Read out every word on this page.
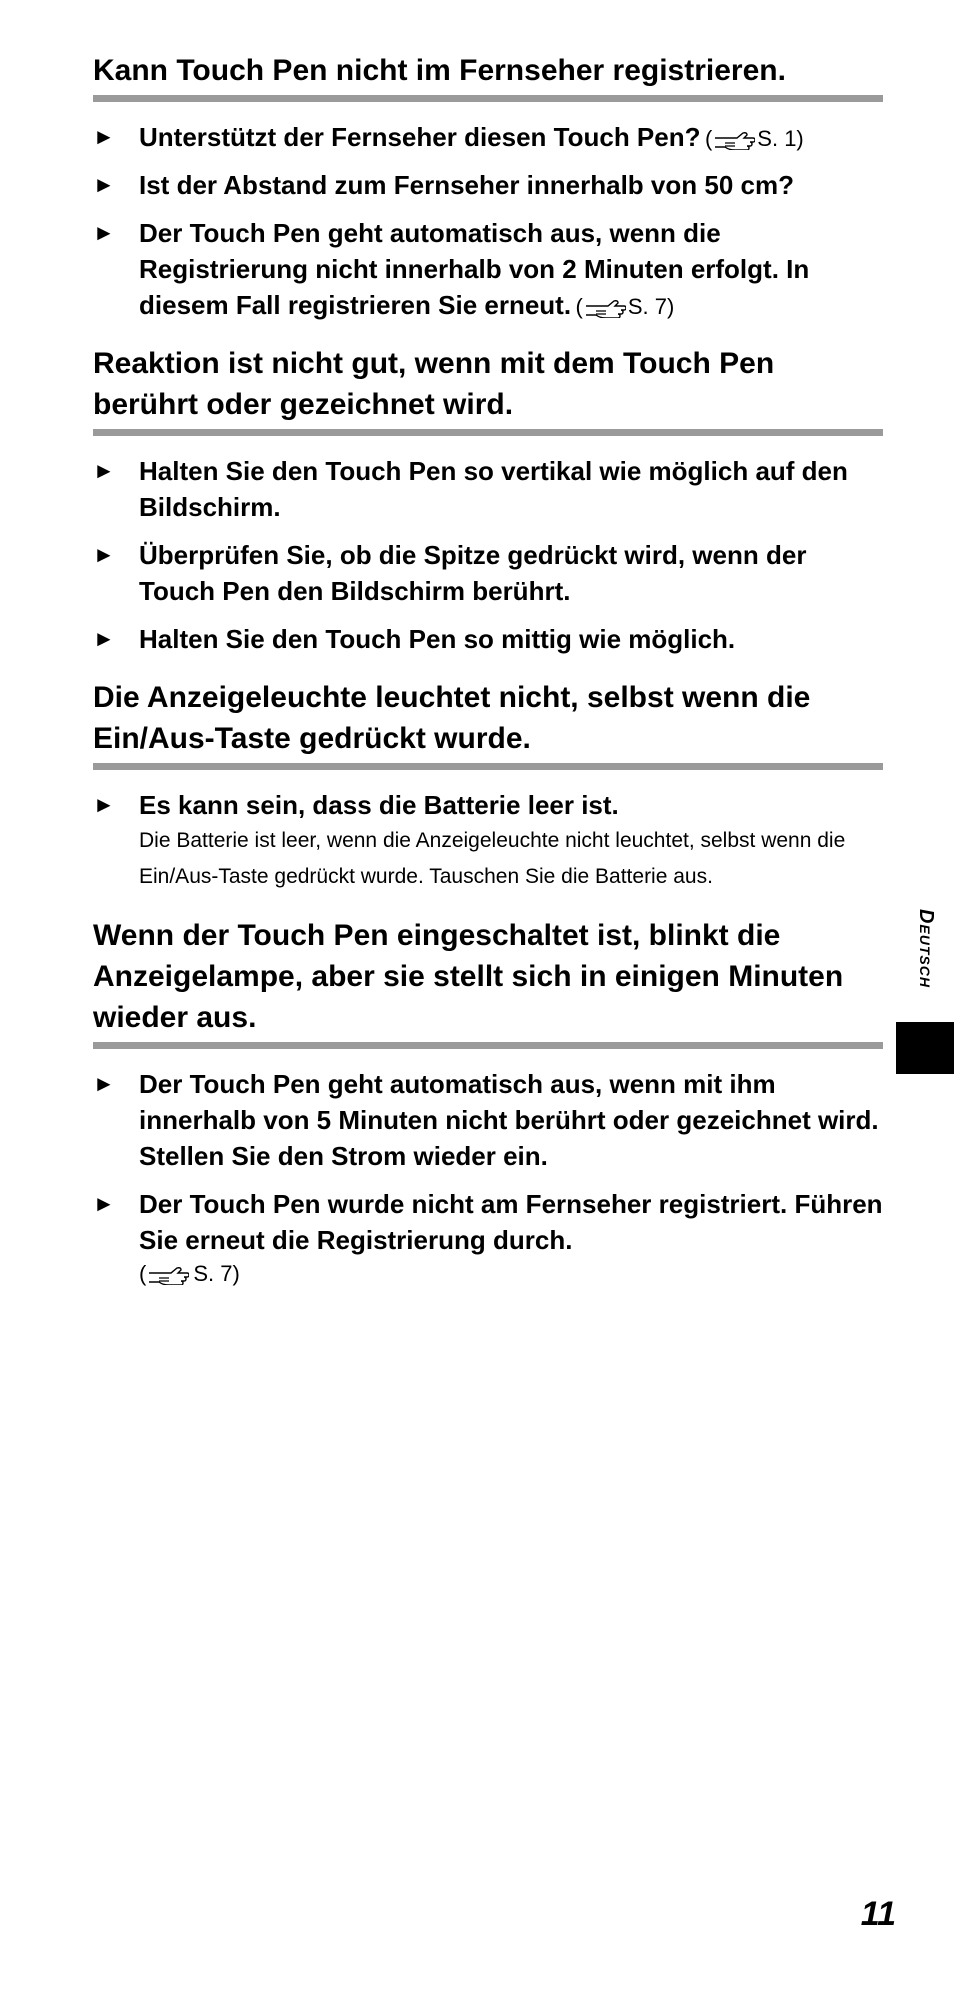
Kann Touch Pen nicht im Fernseher registrieren.
►
Unterstützt der Fernseher diesen Touch Pen? ( S. 1)
►
Ist der Abstand zum Fernseher innerhalb von 50 cm?
►
Der Touch Pen geht automatisch aus, wenn die Registrierung nicht innerhalb von 2 Minuten erfolgt. In diesem Fall registrieren Sie erneut. ( S. 7)
Reaktion ist nicht gut, wenn mit dem Touch Pen berührt oder gezeichnet wird.
►
Halten Sie den Touch Pen so vertikal wie möglich auf den Bildschirm.
►
Überprüfen Sie, ob die Spitze gedrückt wird, wenn der Touch Pen den Bildschirm berührt.
►
Halten Sie den Touch Pen so mittig wie möglich.
Die Anzeigeleuchte leuchtet nicht, selbst wenn die Ein/Aus-Taste gedrückt wurde.
►
Es kann sein, dass die Batterie leer ist.
Die Batterie ist leer, wenn die Anzeigeleuchte nicht leuchtet, selbst wenn die Ein/Aus-Taste gedrückt wurde. Tauschen Sie die Batterie aus.
Wenn der Touch Pen eingeschaltet ist, blinkt die Anzeigelampe, aber sie stellt sich in einigen Minuten wieder aus.
►
Der Touch Pen geht automatisch aus, wenn mit ihm innerhalb von 5 Minuten nicht berührt oder gezeichnet wird. Stellen Sie den Strom wieder ein.
►
Der Touch Pen wurde nicht am Fernseher registriert. Führen Sie erneut die Registrierung durch.
( S. 7)
Deutsch
11
